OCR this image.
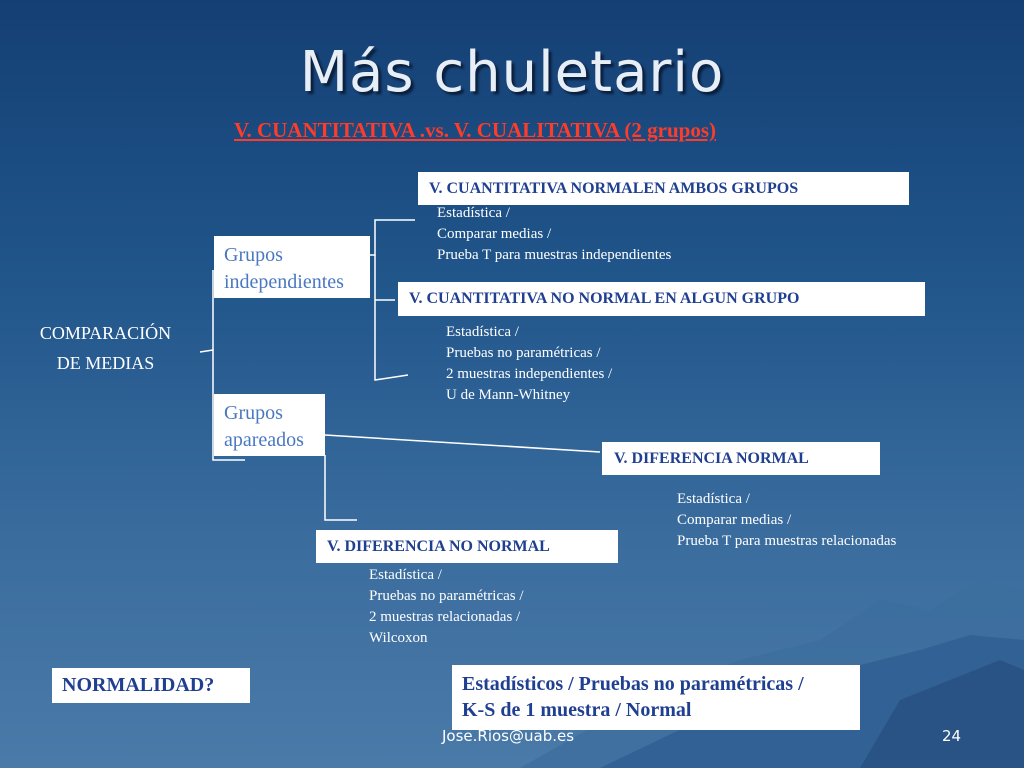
Más chuletario
V. CUANTITATIVA .vs. V. CUALITATIVA (2 grupos)
COMPARACIÓN
DE MEDIAS
Grupos
independientes
Grupos
apareados
V. CUANTITATIVA NORMALEN AMBOS GRUPOS
V. CUANTITATIVA NO NORMAL EN ALGUN GRUPO
V. DIFERENCIA NORMAL
V. DIFERENCIA NO NORMAL
Estadística /
Comparar medias /
Prueba T para muestras independientes
Estadística /
Pruebas no paramétricas /
2 muestras independientes /
U de Mann-Whitney
Estadística /
Comparar medias /
Prueba T para muestras relacionadas
Estadística /
Pruebas no paramétricas /
2 muestras relacionadas /
Wilcoxon
NORMALIDAD?	Estadísticos / Pruebas no paramétricas /
K-S de 1 muestra / Normal
Jose.Rios@uab.es	24
